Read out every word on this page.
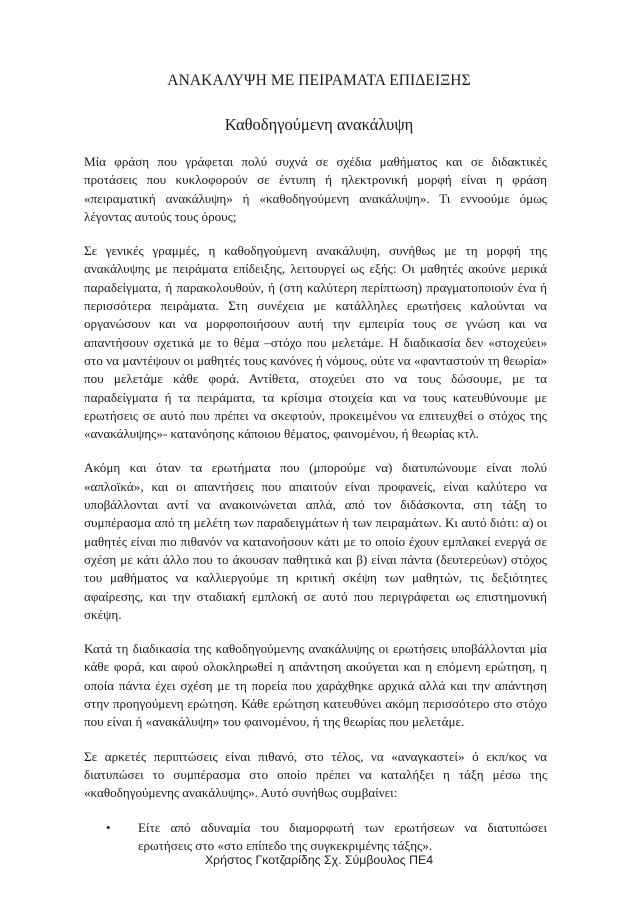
ΑΝΑΚΑΛΥΨΗ ΜΕ ΠΕΙΡΑΜΑΤΑ ΕΠΙΔΕΙΞΗΣ
Καθοδηγούμενη ανακάλυψη

Μία φράση που γράφεται πολύ συχνά σε σχέδια μαθήματος και σε διδακτικές προτάσεις που κυκλοφορούν σε έντυπη ή ηλεκτρονική μορφή είναι η φράση «πειραματική ανακάλυψη» ή «καθοδηγούμενη ανακάλυψη». Τι εννοούμε όμως λέγοντας αυτούς τους όρους;

Σε γενικές γραμμές, η καθοδηγούμενη ανακάλυψη, συνήθως με τη μορφή της ανακάλυψης με πειράματα επίδειξης, λειτουργεί ως εξής: Οι μαθητές ακούνε μερικά παραδείγματα, ή παρακολουθούν, ή (στη καλύτερη περίπτωση) πραγματοποιούν ένα ή περισσότερα πειράματα. Στη συνέχεια με κατάλληλες ερωτήσεις καλούνται να οργανώσουν και να μορφοποιήσουν αυτή την εμπειρία τους σε γνώση και να απαντήσουν σχετικά με το θέμα –στόχο που μελετάμε. Η διαδικασία δεν «στοχεύει» στο να μαντέψουν οι μαθητές τους κανόνες ή νόμους, ούτε να «φανταστούν τη θεωρία» που μελετάμε κάθε φορά. Αντίθετα, στοχεύει στο να τους δώσουμε, με τα παραδείγματα ή τα πειράματα, τα κρίσιμα στοιχεία και να τους κατευθύνουμε με ερωτήσεις σε αυτό που πρέπει να σκεφτούν, προκειμένου να επιτευχθεί ο στόχος της «ανακάλυψης»- κατανόησης κάποιου θέματος, φαινομένου, ή θεωρίας κτλ.

Ακόμη και όταν τα ερωτήματα που (μπορούμε να) διατυπώνουμε είναι πολύ «απλοϊκά», και οι απαντήσεις που απαιτούν είναι προφανείς, είναι καλύτερο να υποβάλλονται αντί να ανακοινώνεται απλά, από τον διδάσκοντα, στη τάξη το συμπέρασμα από τη μελέτη των παραδειγμάτων ή των πειραμάτων. Κι αυτό διότι: α) οι μαθητές είναι πιο πιθανόν να κατανοήσουν κάτι με το οποίο έχουν εμπλακεί ενεργά σε σχέση με κάτι άλλο που το άκουσαν παθητικά και β) είναι πάντα (δευτερεύων) στόχος του μαθήματος να καλλιεργούμε τη κριτική σκέψη των μαθητών, τις δεξιότητες αφαίρεσης, και την σταδιακή εμπλοκή σε αυτό που περιγράφεται ως επιστημονική σκέψη.

Κατά τη διαδικασία της καθοδηγούμενης ανακάλυψης οι ερωτήσεις υποβάλλονται μία κάθε φορά, και αφού ολοκληρωθεί η απάντηση ακούγεται και η επόμενη ερώτηση, η οποία πάντα έχει σχέση με τη πορεία που χαράχθηκε αρχικά αλλά και την απάντηση στην προηγούμενη ερώτηση. Κάθε ερώτηση κατευθύνει ακόμη περισσότερο στο στόχο που είναι ή «ανακάλυψη» του φαινομένου, ή της θεωρίας που μελετάμε.

Σε αρκετές περιπτώσεις είναι πιθανό, στο τέλος, να «αναγκαστεί» ό εκπ/κος να διατυπώσει το συμπέρασμα στο οποίο πρέπει να καταλήξει η τάξη μέσω της «καθοδηγούμενης ανακάλυψης». Αυτό συνήθως συμβαίνει:

• Είτε από αδυναμία του διαμορφωτή των ερωτήσεων να διατυπώσει ερωτήσεις στο «στο επίπεδο της συγκεκριμένης τάξης».
Χρήστος Γκοτζαρίδης Σχ. Σύμβουλος ΠΕ4
